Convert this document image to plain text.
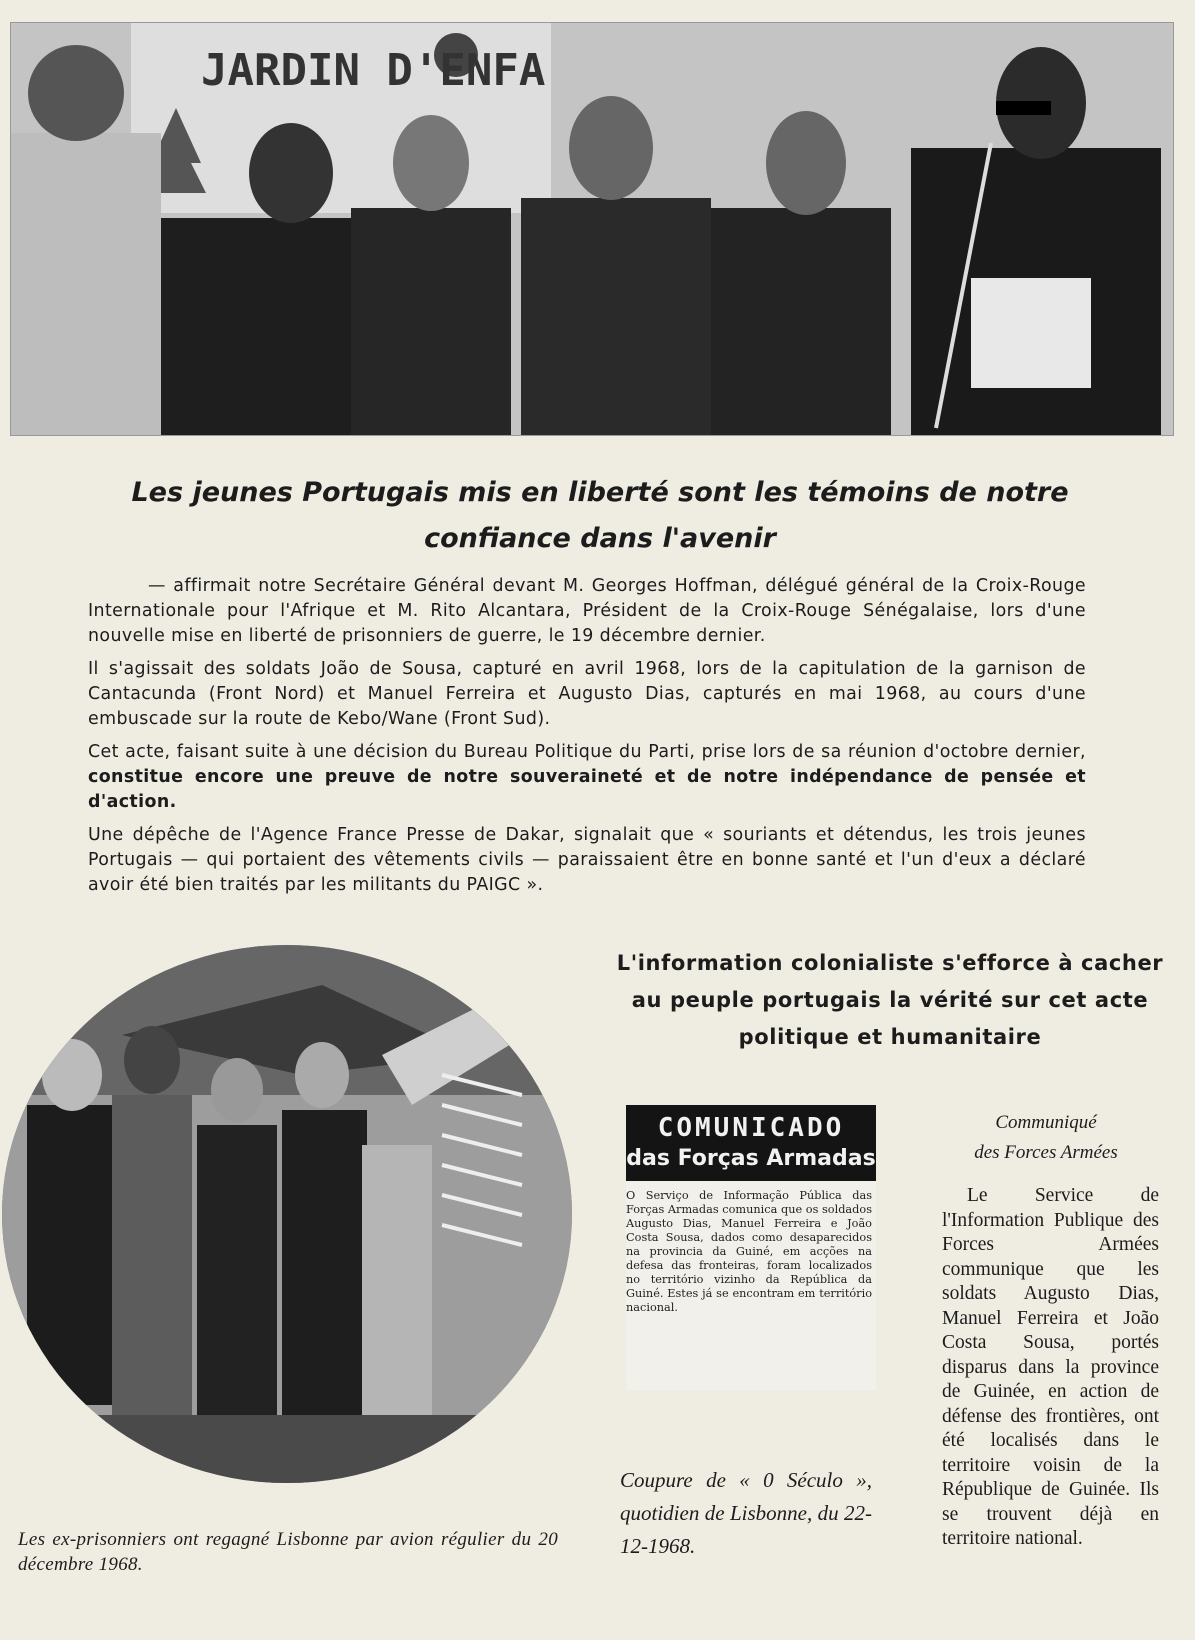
JARDIN D'ENFA
Les jeunes Portugais mis en liberté sont les témoins de notre
confiance dans l'avenir

— affirmait notre Secrétaire Général devant M. Georges Hoffman, délégué général de la Croix-Rouge Internationale pour l'Afrique et M. Rito Alcantara, Président de la Croix-Rouge Sénégalaise, lors d'une nouvelle mise en liberté de prisonniers de guerre, le 19 décembre dernier.

Il s'agissait des soldats João de Sousa, capturé en avril 1968, lors de la capitulation de la garnison de Cantacunda (Front Nord) et Manuel Ferreira et Augusto Dias, capturés en mai 1968, au cours d'une embuscade sur la route de Kebo/Wane (Front Sud).

Cet acte, faisant suite à une décision du Bureau Politique du Parti, prise lors de sa réunion d'octobre dernier, constitue encore une preuve de notre souveraineté et de notre indépendance de pensée et d'action.

Une dépêche de l'Agence France Presse de Dakar, signalait que « souriants et détendus, les trois jeunes Portugais — qui portaient des vêtements civils — paraissaient être en bonne santé et l'un d'eux a déclaré avoir été bien traités par les militants du PAIGC ».

Les ex-prisonniers ont regagné Lisbonne par avion régulier du 20 décembre 1968.
L'information colonialiste s'efforce à cacher
au peuple portugais la vérité sur cet acte
politique et humanitaire
COMUNICADO
das Forças Armadas
O Serviço de Informação Pública das Forças Armadas comunica que os soldados Augusto Dias, Manuel Ferreira e João Costa Sousa, dados como desaparecidos na provincia da Guiné, em acções na defesa das fronteiras, foram localizados no território vizinho da República da Guiné. Estes já se encontram em território nacional.
Coupure de « 0 Século », quotidien de Lisbonne, du 22-12-1968.
Communiqué
des Forces Armées
Le Service de l'Information Publique des Forces Armées communique que les soldats Augusto Dias, Manuel Ferreira et João Costa Sousa, portés disparus dans la province de Guinée, en action de défense des frontières, ont été localisés dans le territoire voisin de la République de Guinée. Ils se trouvent déjà en territoire national.
